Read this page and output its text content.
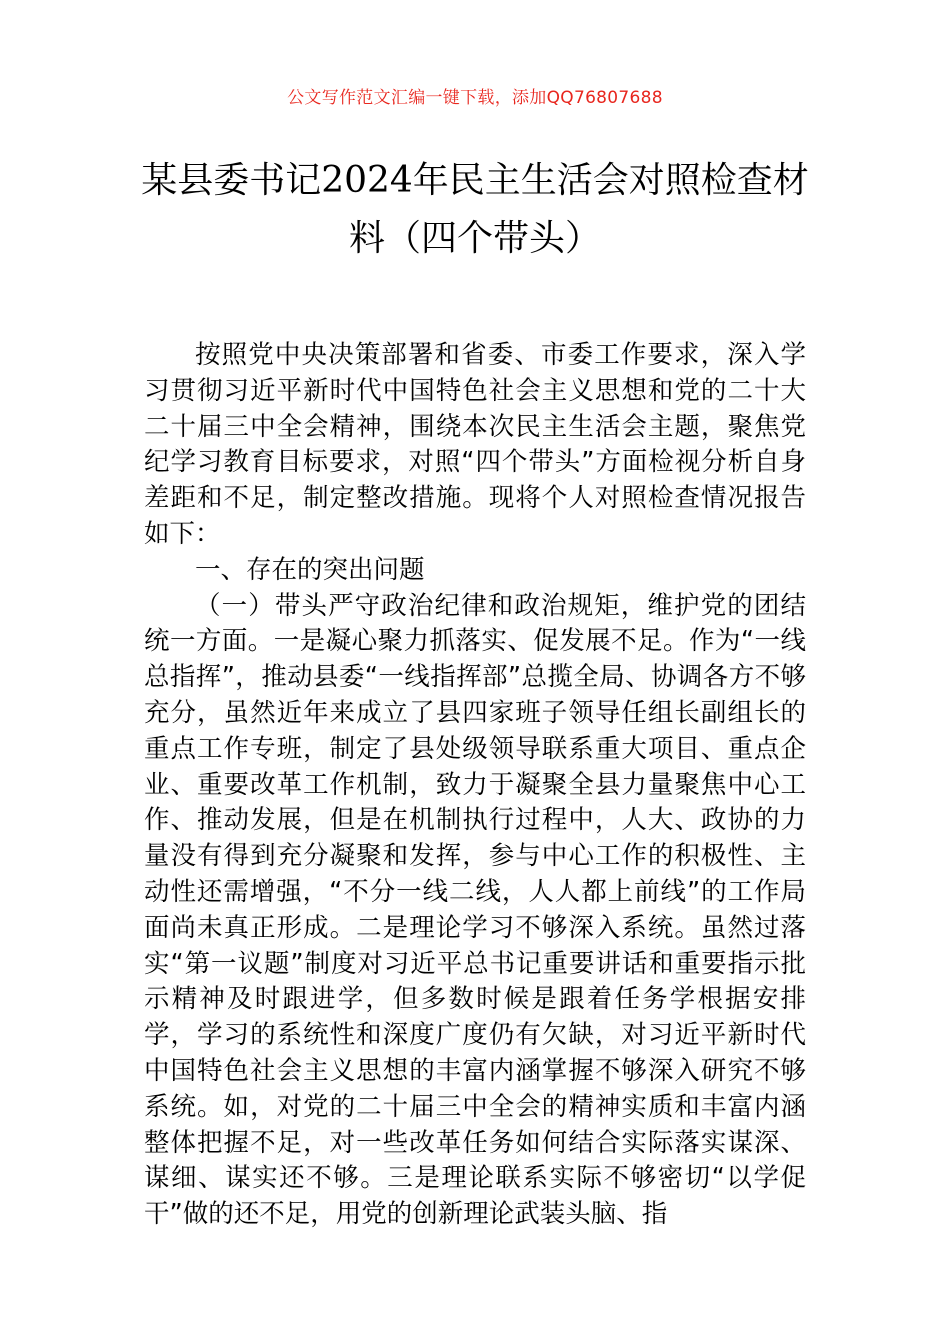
公文写作范文汇编一键下载，添加QQ76807688
某县委书记2024年民主生活会对照检查材料（四个带头）

按照党中央决策部署和省委、市委工作要求，深入学习贯彻习近平新时代中国特色社会主义思想和党的二十大二十届三中全会精神，围绕本次民主生活会主题，聚焦党纪学习教育目标要求，对照“四个带头”方面检视分析自身差距和不足，制定整改措施。现将个人对照检查情况报告如下：

一、存在的突出问题

（一）带头严守政治纪律和政治规矩，维护党的团结统一方面。一是凝心聚力抓落实、促发展不足。作为“一线总指挥”，推动县委“一线指挥部”总揽全局、协调各方不够充分，虽然近年来成立了县四家班子领导任组长副组长的重点工作专班，制定了县处级领导联系重大项目、重点企业、重要改革工作机制，致力于凝聚全县力量聚焦中心工作、推动发展，但是在机制执行过程中，人大、政协的力量没有得到充分凝聚和发挥，参与中心工作的积极性、主动性还需增强，“不分一线二线，人人都上前线”的工作局面尚未真正形成。二是理论学习不够深入系统。虽然过落实“第一议题”制度对习近平总书记重要讲话和重要指示批示精神及时跟进学，但多数时候是跟着任务学根据安排学，学习的系统性和深度广度仍有欠缺，对习近平新时代中国特色社会主义思想的丰富内涵掌握不够深入研究不够系统。如，对党的二十届三中全会的精神实质和丰富内涵整体把握不足，对一些改革任务如何结合实际落实谋深、谋细、谋实还不够。三是理论联系实际不够密切“以学促干”做的还不足，用党的创新理论武装头脑、指
